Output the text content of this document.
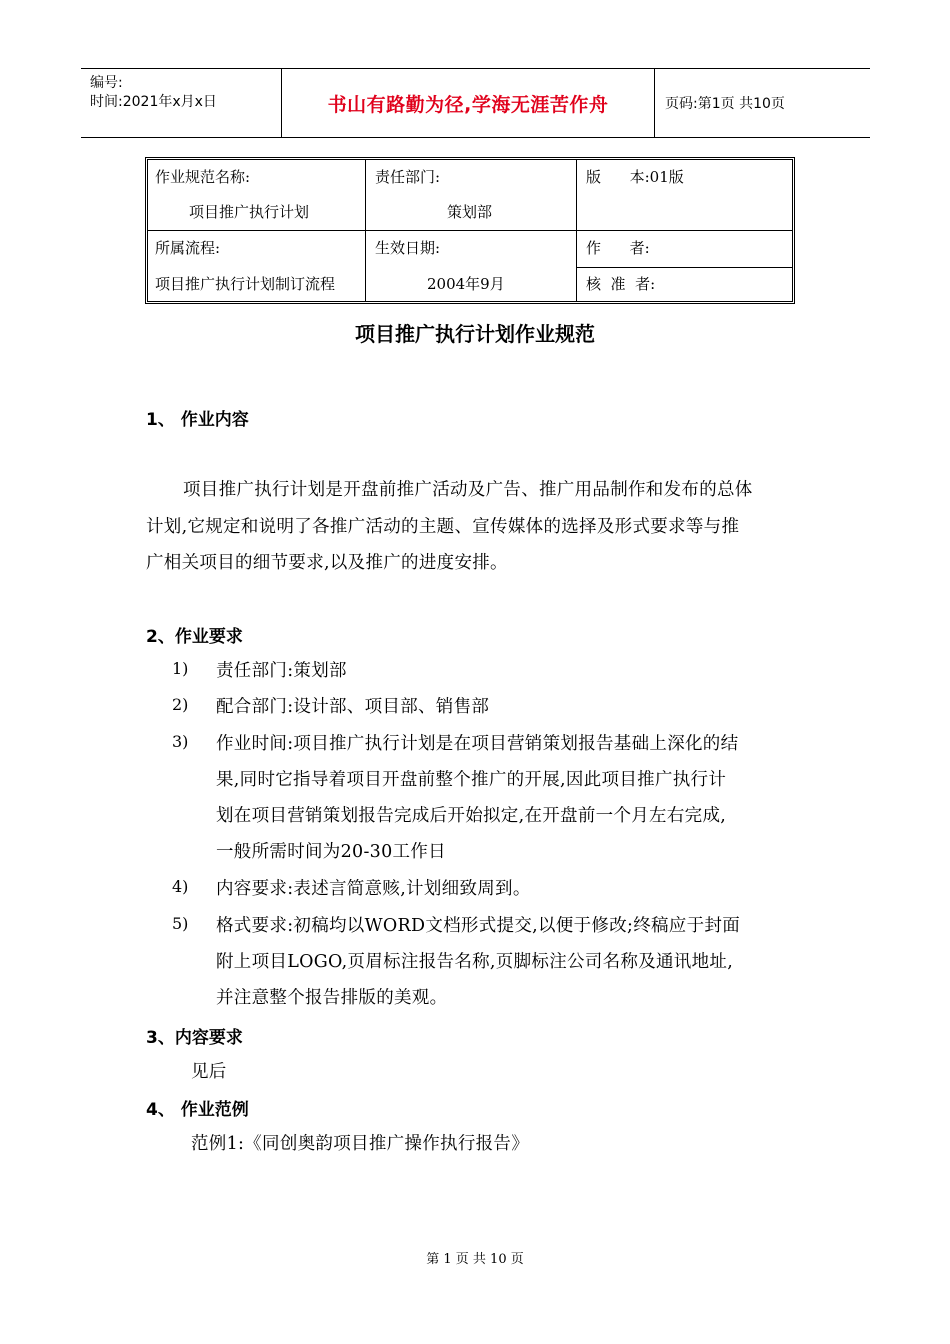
编号:
时间:2021年x月x日	书山有路勤为径,学海无涯苦作舟	页码:第1页 共10页
作业规范名称:
项目推广执行计划
责任部门:
策划部
版      本:01版
所属流程:
项目推广执行计划制订流程
生效日期:
2004年9月
作      者:
核  准  者:
项目推广执行计划作业规范
1、 作业内容
项目推广执行计划是开盘前推广活动及广告、推广用品制作和发布的总体
计划,它规定和说明了各推广活动的主题、宣传媒体的选择及形式要求等与推
广相关项目的细节要求,以及推广的进度安排。
2、作业要求
1) 责任部门:策划部
2) 配合部门:设计部、项目部、销售部
3) 作业时间:项目推广执行计划是在项目营销策划报告基础上深化的结
果,同时它指导着项目开盘前整个推广的开展,因此项目推广执行计
划在项目营销策划报告完成后开始拟定,在开盘前一个月左右完成,
一般所需时间为20-30工作日
4) 内容要求:表述言简意赅,计划细致周到。
5) 格式要求:初稿均以WORD文档形式提交,以便于修改;终稿应于封面
附上项目LOGO,页眉标注报告名称,页脚标注公司名称及通讯地址,
并注意整个报告排版的美观。
3、内容要求
见后
4、 作业范例
范例1:《同创奥韵项目推广操作执行报告》
第 1 页 共 10 页
